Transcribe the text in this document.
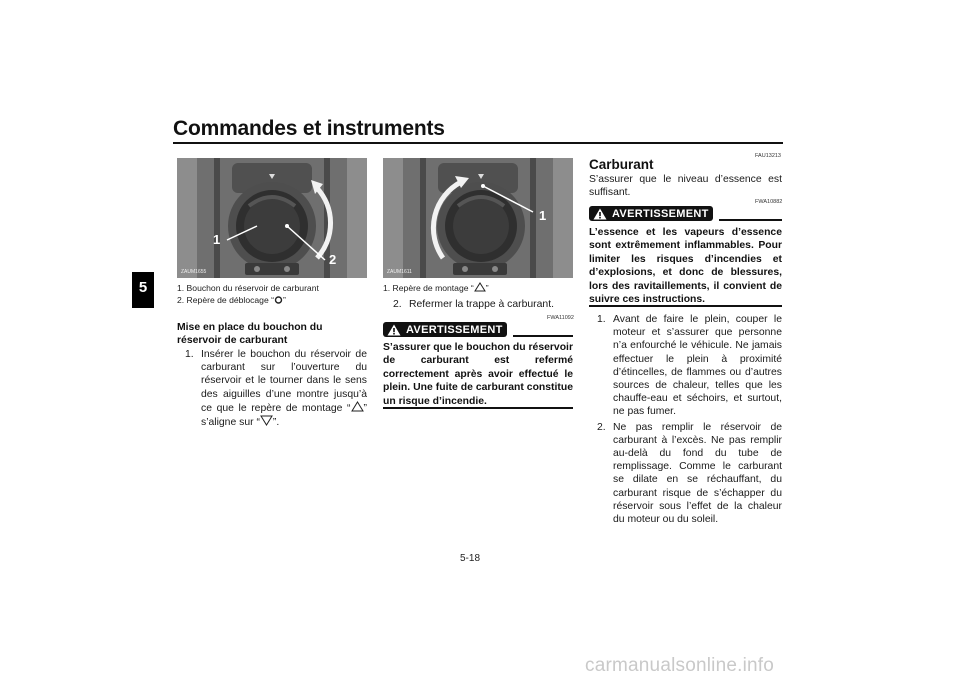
Commandes et instruments
5
1
2
ZAUM1655
1
ZAUM1611
1. Bouchon du réservoir de carburant
2. Repère de déblocage “ ”
1. Repère de montage “ ”
Mise en place du bouchon du réservoir de carburant
1. Insérer le bouchon du réservoir de carburant sur l’ouverture du réservoir et le tourner dans le sens des aiguilles d’une montre jusqu’à ce que le repère de montage “ ” s’aligne sur “ ”.
2. Refermer la trappe à carburant.
FWA11092
AVERTISSEMENT
S’assurer que le bouchon du réservoir de carburant est refermé correctement après avoir effectué le plein. Une fuite de carburant constitue un risque d’incendie.
FAU13213
Carburant
S’assurer que le niveau d’essence est suffisant.
FWA10882
AVERTISSEMENT
L’essence et les vapeurs d’essence sont extrêmement inflammables. Pour limiter les risques d’incendies et d’explosions, et donc de blessures, lors des ravitaillements, il convient de suivre ces instructions.
1. Avant de faire le plein, couper le moteur et s’assurer que personne n’a enfourché le véhicule. Ne jamais effectuer le plein à proximité d’étincelles, de flammes ou d’autres sources de chaleur, telles que les chauffe-eau et séchoirs, et surtout, ne pas fumer.
2. Ne pas remplir le réservoir de carburant à l’excès. Ne pas remplir au-delà du fond du tube de remplissage. Comme le carburant se dilate en se réchauffant, du carburant risque de s’échapper du réservoir sous l’effet de la chaleur du moteur ou du soleil.
5-18
carmanualsonline.info
